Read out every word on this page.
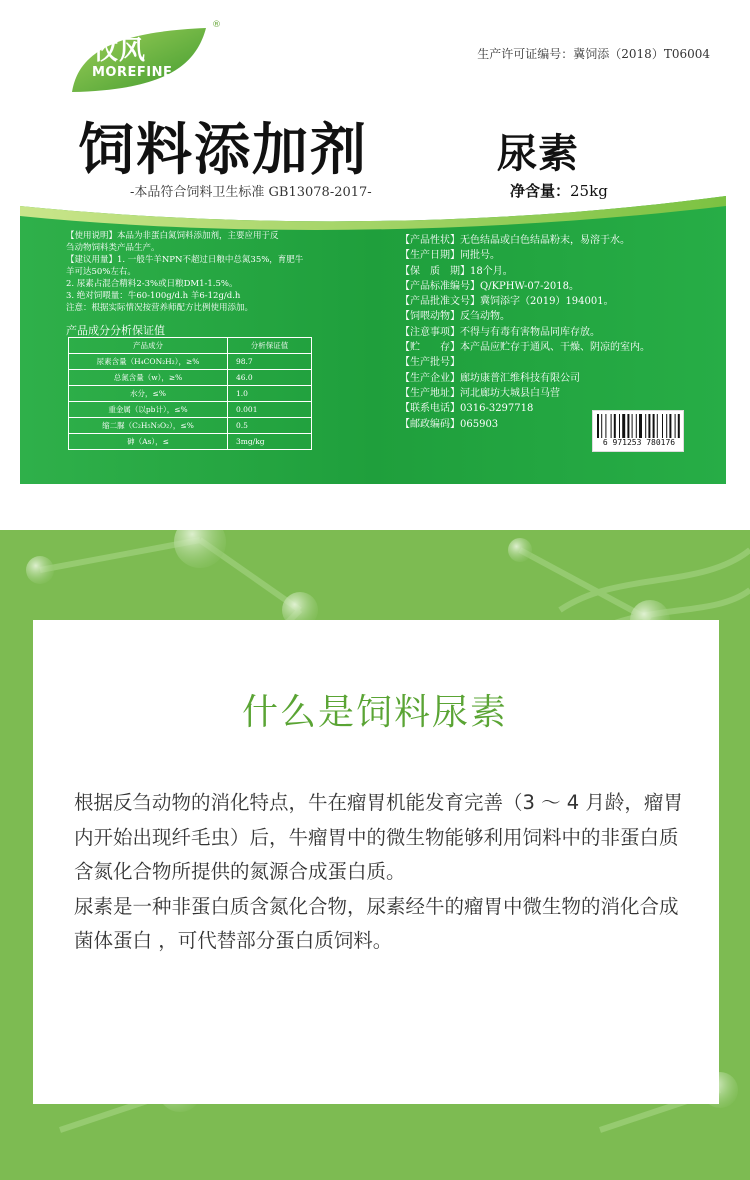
牧风
MOREFINE
®
生产许可证编号：冀饲添（2018）T06004
饲料添加剂	尿素
-本品符合饲料卫生标准 GB13078-2017-	净含量：25kg
【使用说明】本品为非蛋白氮饲料添加剂，主要应用于反
刍动物饲料类产品生产。
【建议用量】1. 一般牛羊NPN不超过日粮中总氮35%，育肥牛
羊可达50%左右。
2. 尿素占混合精料2-3%或日粮DM1-1.5%。
3. 绝对饲喂量：牛60-100g/d.h 羊6-12g/d.h
注意：根据实际情况按营养师配方比例使用添加。
产品成分分析保证值
产品成分	分析保证值
尿素含量（H₄CON₂H₂），≥%	98.7
总氮含量（w），≥%	46.0
水分，≤%	1.0
重金属（以pb计），≤%	0.001
缩二脲（C₂H₅N₃O₂），≤%	0.5
砷（As），≤	3mg/kg
【产品性状】无色结晶或白色结晶粉末，易溶于水。
【生产日期】同批号。
【保　质　期】18个月。
【产品标准编号】Q/KPHW-07-2018。
【产品批准文号】冀饲添字（2019）194001。
【饲喂动物】反刍动物。
【注意事项】不得与有毒有害物品同库存放。
【贮　　存】本产品应贮存于通风、干燥、阴凉的室内。
【生产批号】
【生产企业】廊坊康普汇维科技有限公司
【生产地址】河北廊坊大城县白马营
【联系电话】0316-3297718
【邮政编码】065903
6 971253 780176
什么是饲料尿素

根据反刍动物的消化特点，牛在瘤胃机能发育完善（3 ～ 4 月龄，瘤胃内开始出现纤毛虫）后，牛瘤胃中的微生物能够利用饲料中的非蛋白质含氮化合物所提供的氮源合成蛋白质。

尿素是一种非蛋白质含氮化合物，尿素经牛的瘤胃中微生物的消化合成菌体蛋白 ，可代替部分蛋白质饲料。
